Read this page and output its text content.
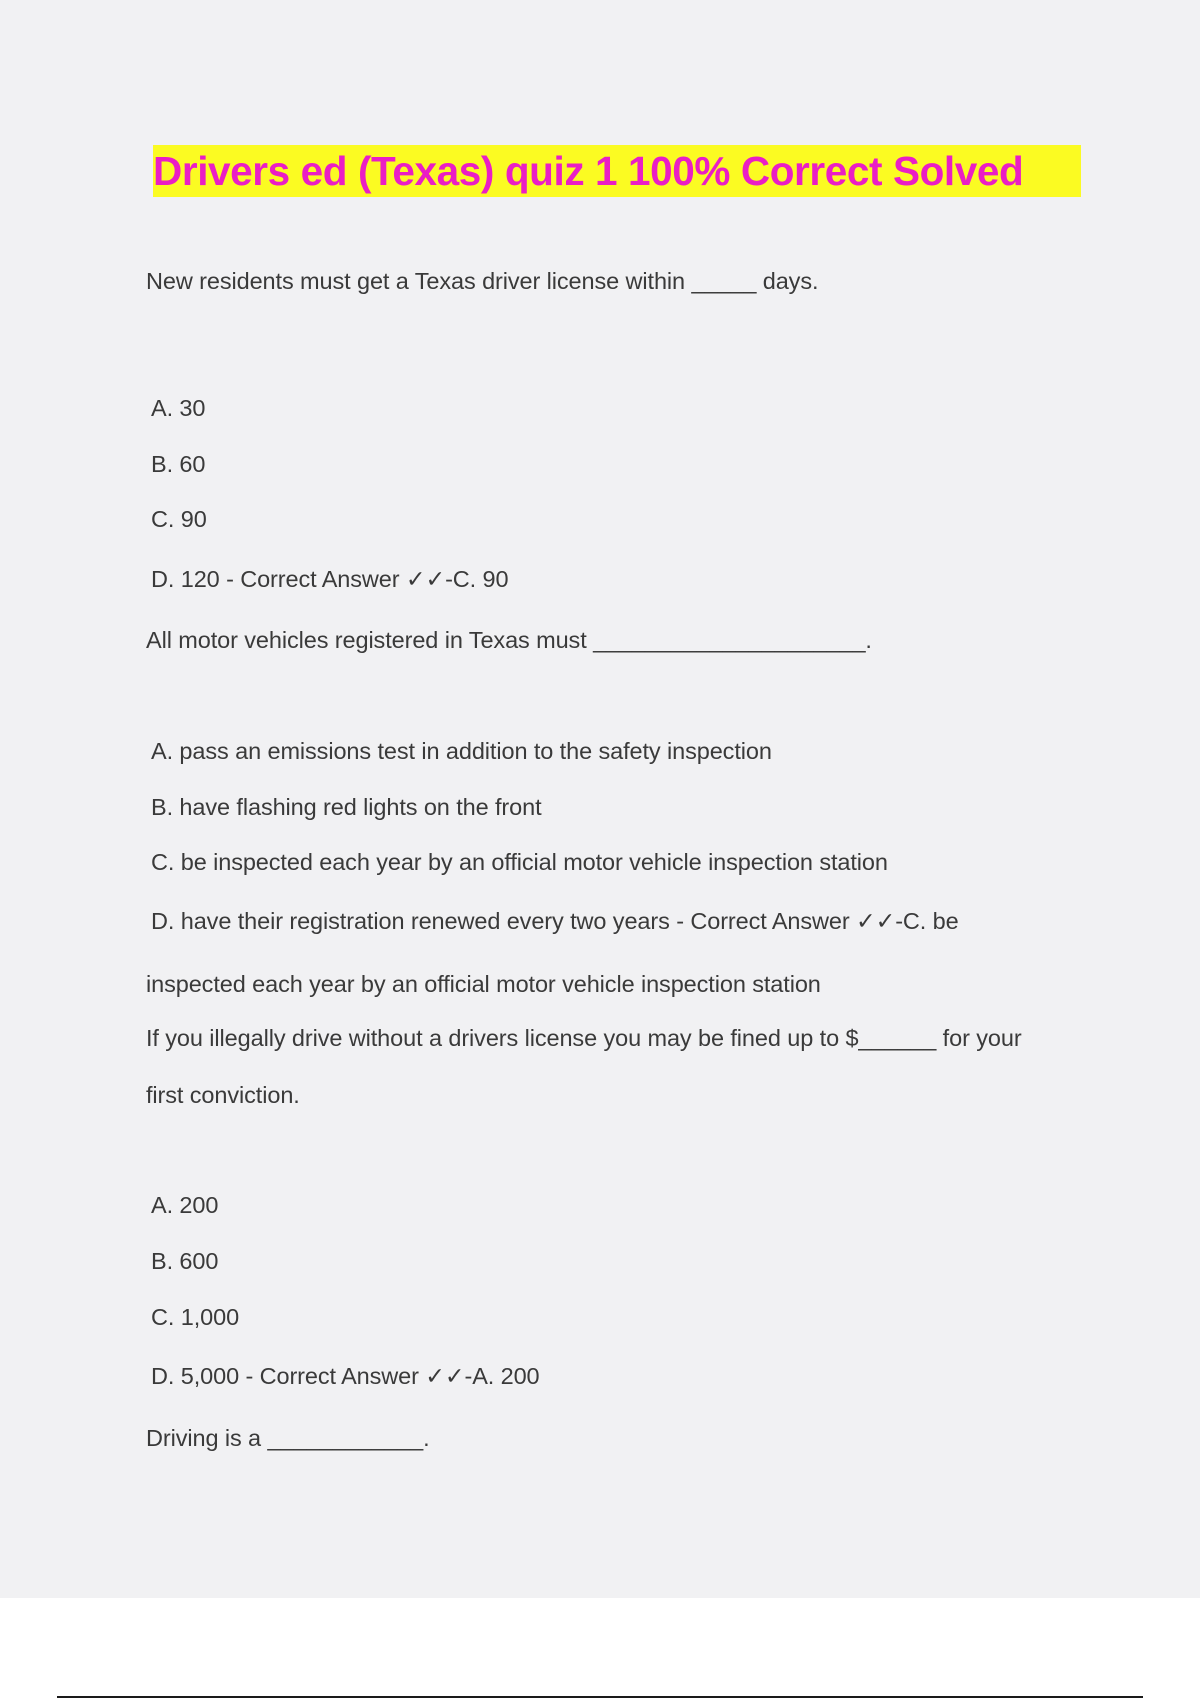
Drivers ed (Texas) quiz 1 100% Correct Solved
New residents must get a Texas driver license within _____ days.
A. 30
B. 60
C. 90
D. 120 - Correct Answer ✓✓-C. 90
All motor vehicles registered in Texas must _____________________.
A. pass an emissions test in addition to the safety inspection
B. have flashing red lights on the front
C. be inspected each year by an official motor vehicle inspection station
D. have their registration renewed every two years - Correct Answer ✓✓-C. be
inspected each year by an official motor vehicle inspection station
If you illegally drive without a drivers license you may be fined up to $______ for your
first conviction.
A. 200
B. 600
C. 1,000
D. 5,000 - Correct Answer ✓✓-A. 200
Driving is a ____________.
